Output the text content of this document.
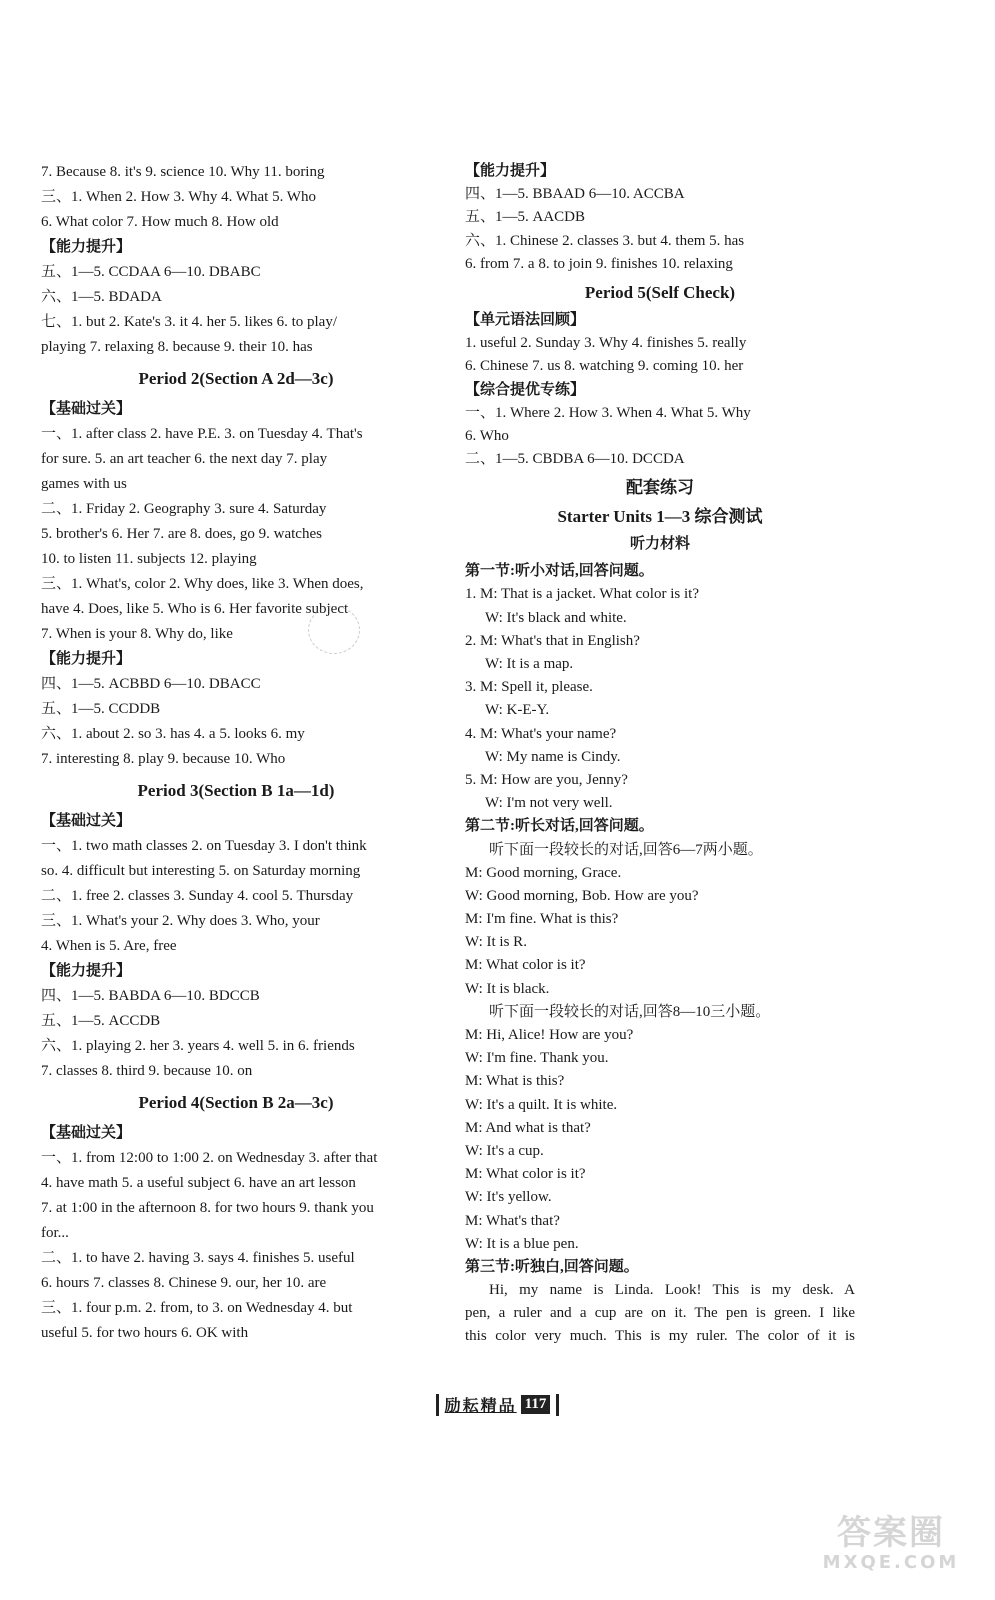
7. Because 8. it's 9. science 10. Why 11. boring
三、1. When 2. How 3. Why 4. What 5. Who
6. What color 7. How much 8. How old
【能力提升】
五、1—5. CCDAA 6—10. DBABC
六、1—5. BDADA
七、1. but 2. Kate's 3. it 4. her 5. likes 6. to play/
playing 7. relaxing 8. because 9. their 10. has
Period 2(Section A 2d—3c)
【基础过关】
一、1. after class 2. have P.E. 3. on Tuesday 4. That's
for sure. 5. an art teacher 6. the next day 7. play
games with us
二、1. Friday 2. Geography 3. sure 4. Saturday
5. brother's 6. Her 7. are 8. does, go 9. watches
10. to listen 11. subjects 12. playing
三、1. What's, color 2. Why does, like 3. When does,
have 4. Does, like 5. Who is 6. Her favorite subject
7. When is your 8. Why do, like
【能力提升】
四、1—5. ACBBD 6—10. DBACC
五、1—5. CCDDB
六、1. about 2. so 3. has 4. a 5. looks 6. my
7. interesting 8. play 9. because 10. Who
Period 3(Section B 1a—1d)
【基础过关】
一、1. two math classes 2. on Tuesday 3. I don't think
so. 4. difficult but interesting 5. on Saturday morning
二、1. free 2. classes 3. Sunday 4. cool 5. Thursday
三、1. What's your 2. Why does 3. Who, your
4. When is 5. Are, free
【能力提升】
四、1—5. BABDA 6—10. BDCCB
五、1—5. ACCDB
六、1. playing 2. her 3. years 4. well 5. in 6. friends
7. classes 8. third 9. because 10. on
Period 4(Section B 2a—3c)
【基础过关】
一、1. from 12:00 to 1:00 2. on Wednesday 3. after that
4. have math 5. a useful subject 6. have an art lesson
7. at 1:00 in the afternoon 8. for two hours 9. thank you
for...
二、1. to have 2. having 3. says 4. finishes 5. useful
6. hours 7. classes 8. Chinese 9. our, her 10. are
三、1. four p.m. 2. from, to 3. on Wednesday 4. but
useful 5. for two hours 6. OK with
【能力提升】
四、1—5. BBAAD 6—10. ACCBA
五、1—5. AACDB
六、1. Chinese 2. classes 3. but 4. them 5. has
6. from 7. a 8. to join 9. finishes 10. relaxing
Period 5(Self Check)
【单元语法回顾】
1. useful 2. Sunday 3. Why 4. finishes 5. really
6. Chinese 7. us 8. watching 9. coming 10. her
【综合提优专练】
一、1. Where 2. How 3. When 4. What 5. Why
6. Who
二、1—5. CBDBA 6—10. DCCDA
配套练习
Starter Units 1—3 综合测试
听力材料
第一节:听小对话,回答问题。
1. M: That is a jacket. What color is it?
W: It's black and white.
2. M: What's that in English?
W: It is a map.
3. M: Spell it, please.
W: K-E-Y.
4. M: What's your name?
W: My name is Cindy.
5. M: How are you, Jenny?
W: I'm not very well.
第二节:听长对话,回答问题。
听下面一段较长的对话,回答6—7两小题。
M: Good morning, Grace.
W: Good morning, Bob. How are you?
M: I'm fine. What is this?
W: It is R.
M: What color is it?
W: It is black.
听下面一段较长的对话,回答8—10三小题。
M: Hi, Alice! How are you?
W: I'm fine. Thank you.
M: What is this?
W: It's a quilt. It is white.
M: And what is that?
W: It's a cup.
M: What color is it?
W: It's yellow.
M: What's that?
W: It is a blue pen.
第三节:听独白,回答问题。
Hi, my name is Linda. Look! This is my desk. A
pen, a ruler and a cup are on it. The pen is green. I like
this color very much. This is my ruler. The color of it is
励耘精品 117
答案圈
MXQE.COM
